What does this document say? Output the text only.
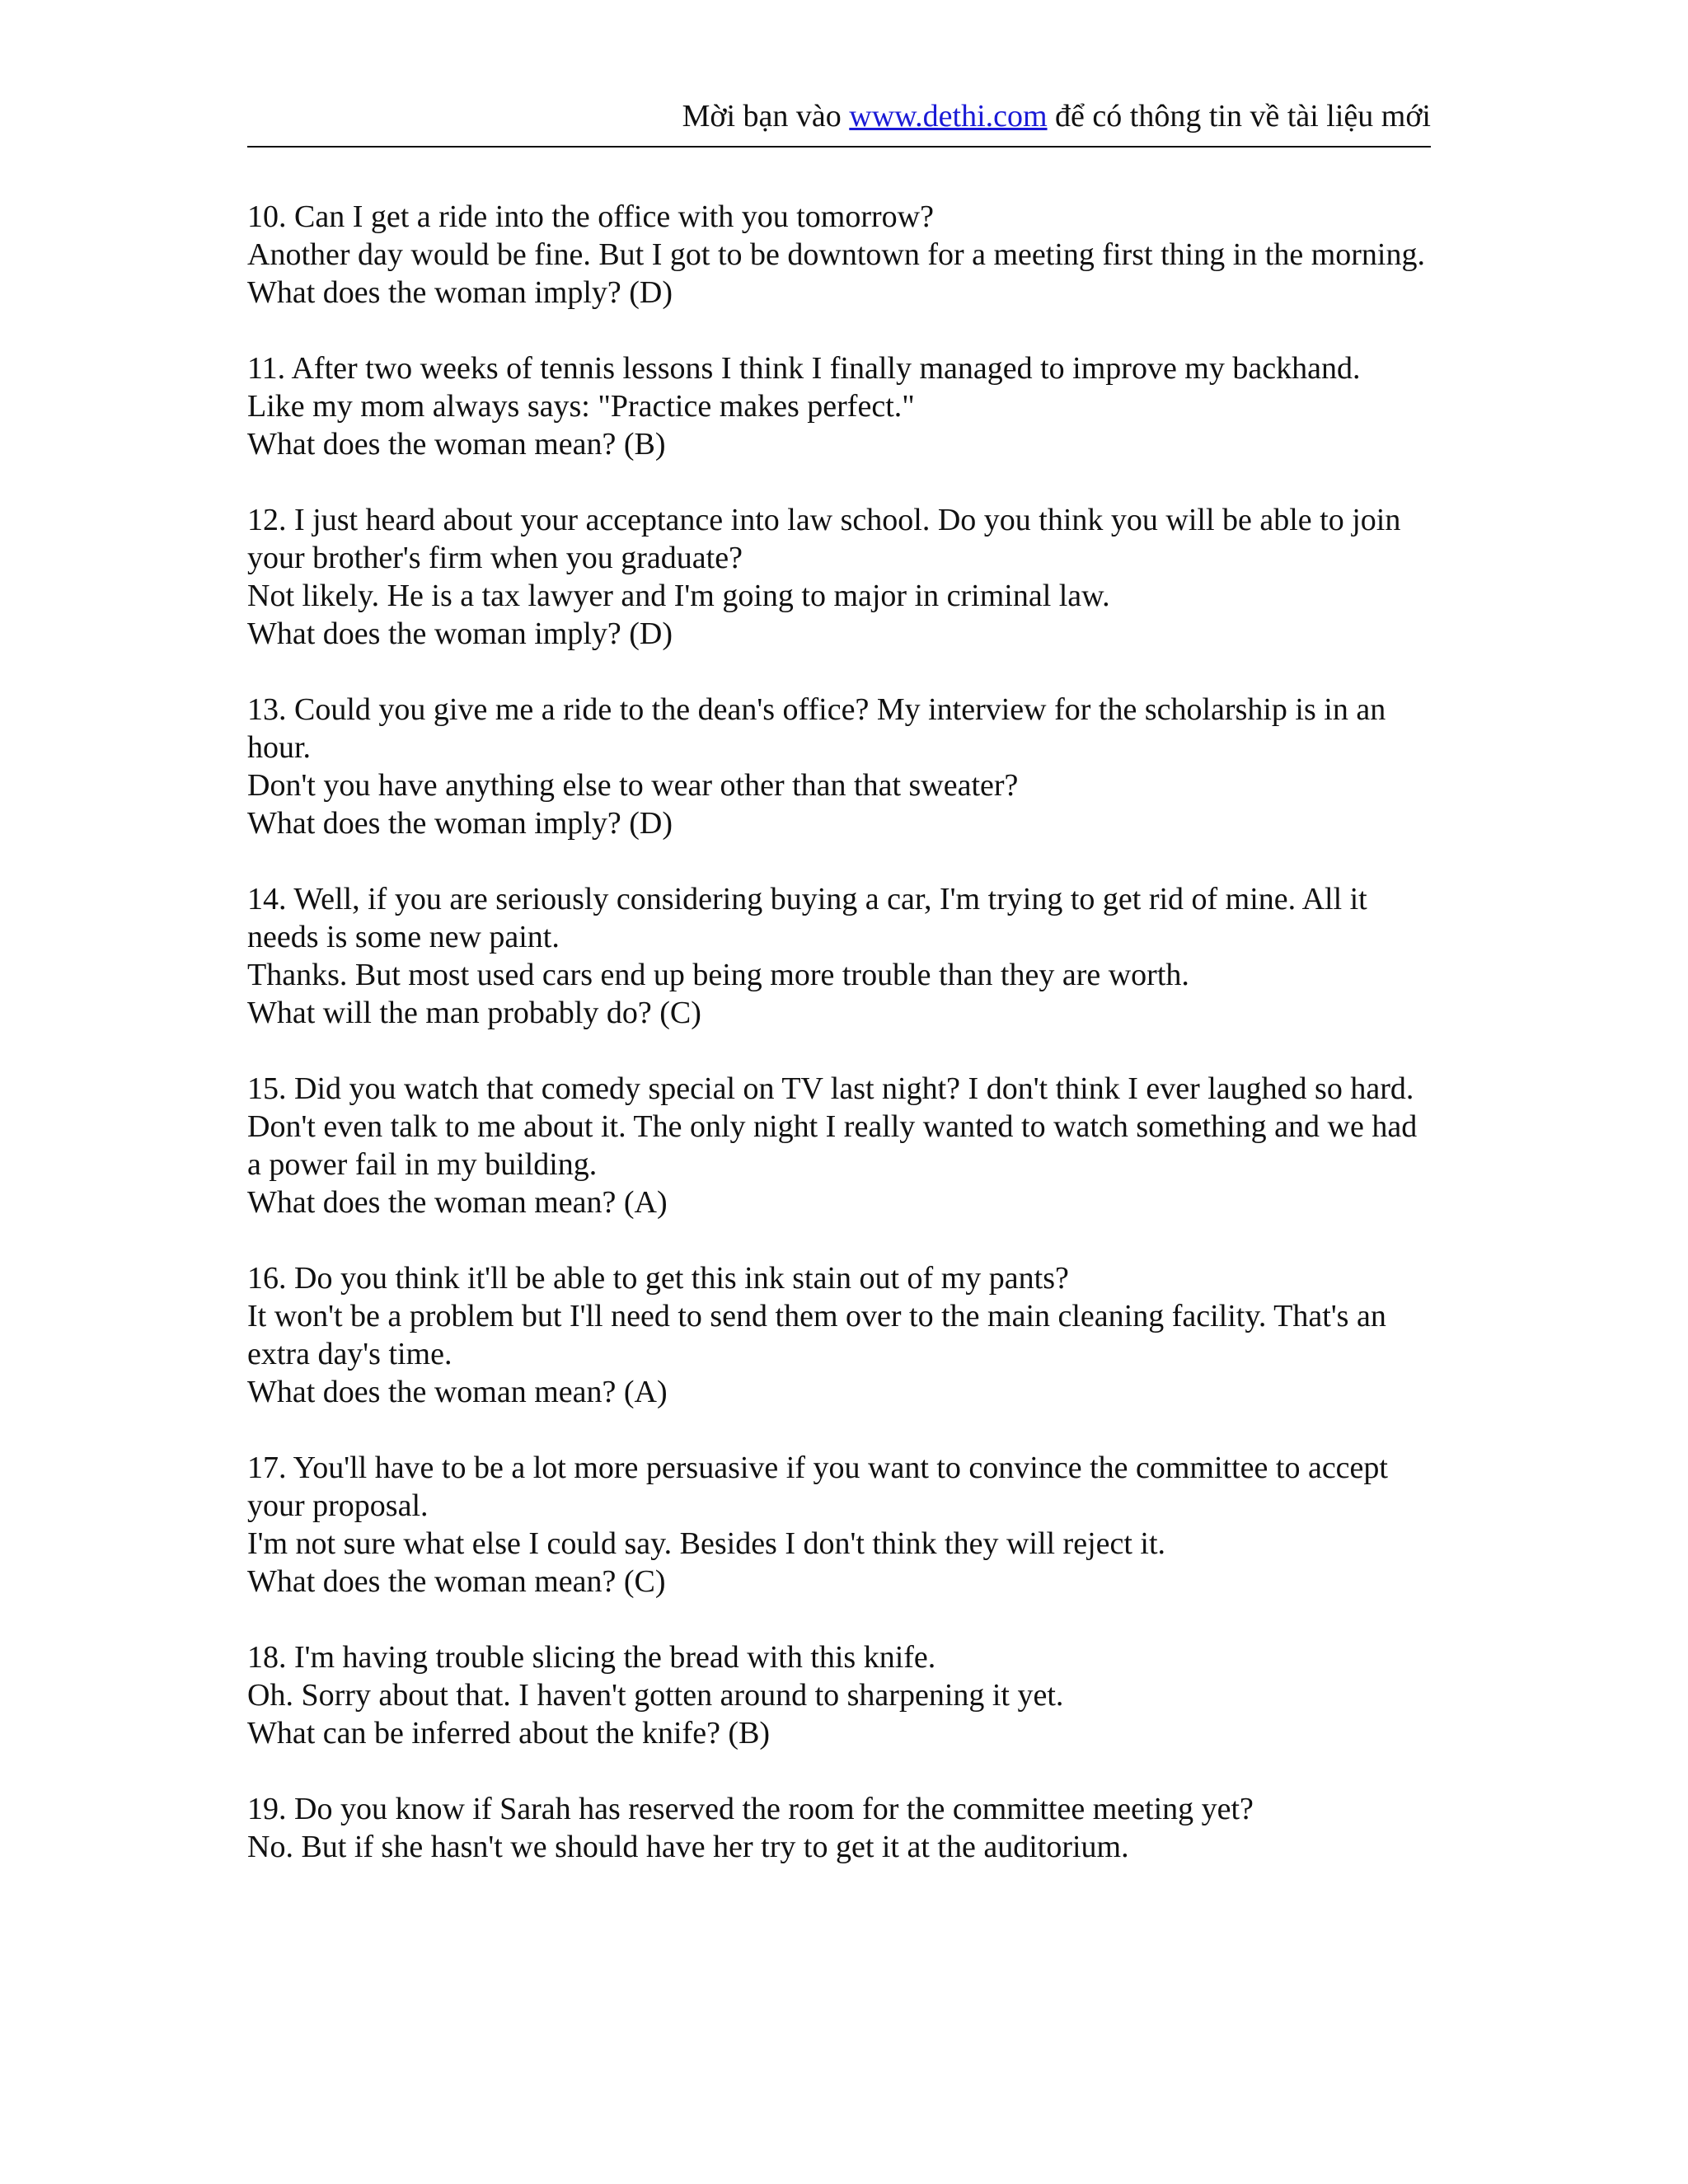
Mời bạn vào www.dethi.com để có thông tin về tài liệu mới

10. Can I get a ride into the office with you tomorrow?

Another day would be fine. But I got to be downtown for a meeting first thing in the morning.

What does the woman imply? (D)

11. After two weeks of tennis lessons I think I finally managed to improve my backhand.

Like my mom always says: "Practice makes perfect."

What does the woman mean? (B)

12. I just heard about your acceptance into law school. Do you think you will be able to join your brother's firm when you graduate?

Not likely. He is a tax lawyer and I'm going to major in criminal law.

What does the woman imply? (D)

13. Could you give me a ride to the dean's office? My interview for the scholarship is in an hour.

Don't you have anything else to wear other than that sweater?

What does the woman imply? (D)

14. Well, if you are seriously considering buying a car, I'm trying to get rid of mine. All it needs is some new paint.

Thanks. But most used cars end up being more trouble than they are worth.

What will the man probably do? (C)

15. Did you watch that comedy special on TV last night? I don't think I ever laughed so hard.

Don't even talk to me about it. The only night I really wanted to watch something and we had a power fail in my building.

What does the woman mean? (A)

16. Do you think it'll be able to get this ink stain out of my pants?

It won't be a problem but I'll need to send them over to the main cleaning facility. That's an extra day's time.

What does the woman mean? (A)

17. You'll have to be a lot more persuasive if you want to convince the committee to accept your proposal.

I'm not sure what else I could say. Besides I don't think they will reject it.

What does the woman mean? (C)

18. I'm having trouble slicing the bread with this knife.

Oh. Sorry about that. I haven't gotten around to sharpening it yet.

What can be inferred about the knife? (B)

19. Do you know if Sarah has reserved the room for the committee meeting yet?

No. But if she hasn't we should have her try to get it at the auditorium.
